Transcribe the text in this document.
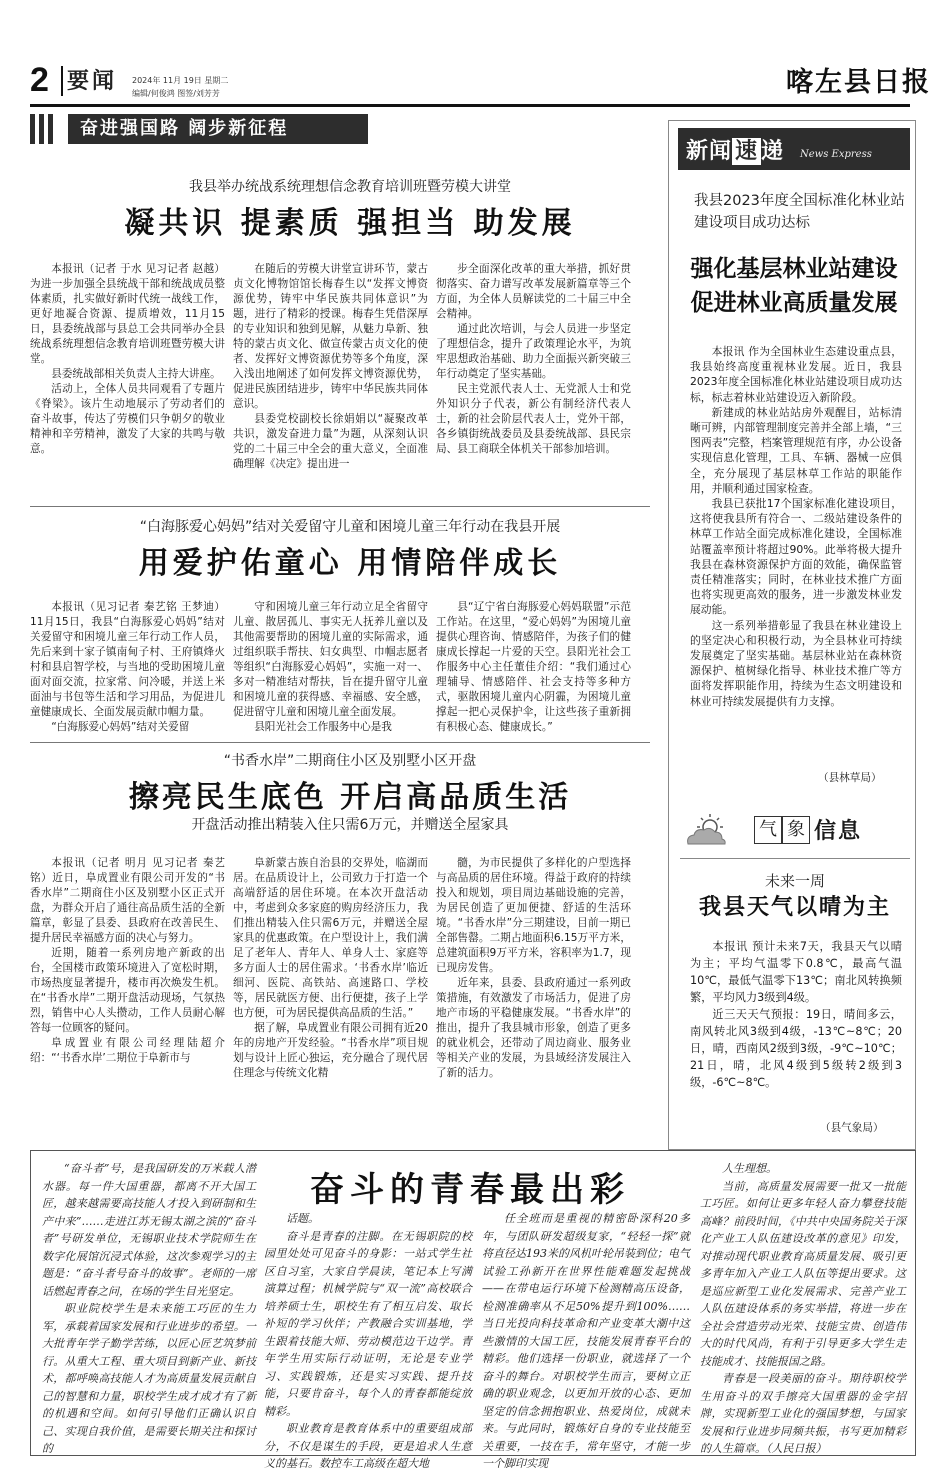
2 要闻 2024年 11月 19日 星期二
编辑/何俊鸿 图签/刘芳芳	喀左县日报
奋进强国路 阔步新征程
我县举办统战系统理想信念教育培训班暨劳模大讲堂
凝共识 提素质 强担当 助发展

本报讯（记者 于水 见习记者 赵越）为进一步加强全县统战干部和统战成员整体素质，扎实做好新时代统一战线工作，更好地凝合资源、提质增效，11月15日，县委统战部与县总工会共同举办全县统战系统理想信念教育培训班暨劳模大讲堂。

县委统战部相关负责人主持大讲座。

活动上，全体人员共同观看了专题片《脊梁》。该片生动地展示了劳动者们的奋斗故事，传达了劳模们只争朝夕的敬业精神和辛劳精神，激发了大家的共鸣与敬意。

在随后的劳模大讲堂宣讲环节，蒙古贞文化博物馆馆长梅春生以“发挥文博资源优势，铸牢中华民族共同体意识”为题，进行了精彩的授课。梅春生凭借深厚的专业知识和独到见解，从魅力阜新、独特的蒙古贞文化、做宣传蒙古贞文化的使者、发挥好文博资源优势等多个角度，深入浅出地阐述了如何发挥文博资源优势，促进民族团结进步，铸牢中华民族共同体意识。

县委党校副校长徐娟娟以“凝聚改革共识，激发奋进力量”为题，从深刻认识党的二十届三中全会的重大意义，全面准确理解《决定》提出进一

步全面深化改革的重大举措，抓好贯彻落实、奋力谱写改革发展新篇章等三个方面，为全体人员解读党的二十届三中全会精神。

通过此次培训，与会人员进一步坚定了理想信念，提升了政策理论水平，为筑牢思想政治基础、助力全面振兴新突破三年行动奠定了坚实基础。

民主党派代表人士、无党派人士和党外知识分子代表，新公有制经济代表人士，新的社会阶层代表人士，党外干部，各乡镇街统战委员及县委统战部、县民宗局、县工商联全体机关干部参加培训。

“白海豚爱心妈妈”结对关爱留守儿童和困境儿童三年行动在我县开展
用爱护佑童心 用情陪伴成长

本报讯（见习记者 秦艺铭 王梦迪）11月15日，我县“白海豚爱心妈妈”结对关爱留守和困境儿童三年行动工作人员，先后来到十家子镇南甸子村、王府镇烽火村和县启智学校，与当地的受助困境儿童面对面交流，拉家常、问冷暖，并送上米面油与书包等生活和学习用品，为促进儿童健康成长、全面发展贡献巾帼力量。

“白海豚爱心妈妈”结对关爱留

守和困境儿童三年行动立足全省留守儿童、散居孤儿、事实无人抚养儿童以及其他需要帮助的困境儿童的实际需求，通过组织联手帮扶、妇女典型、巾帼志愿者等组织“白海豚爱心妈妈”，实施一对一、多对一精准结对帮扶，旨在提升留守儿童和困境儿童的获得感、幸福感、安全感，促进留守儿童和困境儿童全面发展。

县阳光社会工作服务中心是我

县“辽宁省白海豚爱心妈妈联盟”示范工作站。在这里，“爱心妈妈”为困境儿童提供心理咨询、情感陪伴，为孩子们的健康成长撑起一片爱的天空。县阳光社会工作服务中心主任董佳介绍：“我们通过心理辅导、情感陪伴、社会支持等多种方式，驱散困境儿童内心阴霾，为困境儿童撑起一把心灵保护伞，让这些孩子重新拥有积极心态、健康成长。”

“书香水岸”二期商住小区及别墅小区开盘
擦亮民生底色 开启高品质生活
开盘活动推出精装入住只需6万元，并赠送全屋家具

本报讯（记者 明月 见习记者 秦艺铭）近日，阜成置业有限公司开发的“书香水岸”二期商住小区及别墅小区正式开盘，为群众开启了通往高品质生活的全新篇章，彰显了县委、县政府在改善民生、提升居民幸福感方面的决心与努力。

近期，随着一系列房地产新政的出台，全国楼市政策环境进入了宽松时期，市场热度显著提升，楼市再次焕发生机。在“书香水岸”二期开盘活动现场，气氛热烈，销售中心人头攒动，工作人员耐心解答每一位顾客的疑问。

阜成置业有限公司经理陆超介绍：“‘书香水岸’二期位于阜新市与

阜新蒙古族自治县的交界处，临湖而居。在品质设计上，公司致力于打造一个高端舒适的居住环境。在本次开盘活动中，考虑到众多家庭的购房经济压力，我们推出精装入住只需6万元，并赠送全屋家具的优惠政策。在户型设计上，我们满足了老年人、青年人、单身人士、家庭等多方面人士的居住需求。‘书香水岸’临近细河、医院、高铁站、高速路口、学校等，居民就医方便、出行便捷，孩子上学也方便，可为居民提供高品质的生活。”

据了解，阜成置业有限公司拥有近20年的房地产开发经验。“书香水岸”项目规划与设计上匠心独运，充分融合了现代居住理念与传统文化精

髓，为市民提供了多样化的户型选择与高品质的居住环境。得益于政府的持续投入和规划，项目周边基础设施的完善，为居民创造了更加便捷、舒适的生活环境。“书香水岸”分三期建设，目前一期已全部售罄。二期占地面积6.15万平方米，总建筑面积9万平方米，容积率为1.7，现已现房发售。

近年来，县委、县政府通过一系列政策措施，有效激发了市场活力，促进了房地产市场的平稳健康发展。“书香水岸”的推出，提升了我县城市形象，创造了更多的就业机会，还带动了周边商业、服务业等相关产业的发展，为县域经济发展注入了新的活力。

新闻 速 递 News Express
我县2023年度全国标准化林业站建设项目成功达标
强化基层林业站建设
促进林业高质量发展

本报讯 作为全国林业生态建设重点县，我县始终高度重视林业发展。近日，我县2023年度全国标准化林业站建设项目成功达标，标志着林业站建设迈入新阶段。

新建成的林业站站房外观醒目，站标清晰可辨，内部管理制度完善并全部上墙，“三图两表”完整，档案管理规范有序，办公设备实现信息化管理，工具、车辆、器械一应俱全，充分展现了基层林草工作站的职能作用，并顺利通过国家检查。

我县已获批17个国家标准化建设项目，这将使我县所有符合一、二级站建设条件的林草工作站全面完成标准化建设，全国标准站覆盖率预计将超过90%。此举将极大提升我县在森林资源保护方面的效能，确保监管责任精准落实；同时，在林业技术推广方面也将实现更高效的服务，进一步激发林业发展动能。

这一系列举措彰显了我县在林业建设上的坚定决心和积极行动，为全县林业可持续发展奠定了坚实基础。基层林业站在森林资源保护、植树绿化指导、林业技术推广等方面将发挥职能作用，持续为生态文明建设和林业可持续发展提供有力支撑。

（县林草局）
气 象 信息
未来一周
我县天气以晴为主

本报讯 预计未来7天，我县天气以晴为主；平均气温零下0.8℃，最高气温10℃，最低气温零下13℃；南北风转换频繁，平均风力3级到4级。

近三天天气预报：19日，晴间多云，南风转北风3级到4级，-13℃~8℃；20日，晴，西南风2级到3级，-9℃~10℃；21日，晴，北风4级到5级转2级到3级，-6℃~8℃。

（县气象局）
奋斗的青春最出彩

“奋斗者”号，是我国研发的万米载人潜水器。每一件大国重器，都离不开大国工匠，越来越需要高技能人才投入到研制和生产中来”……走进江苏无锡太湖之滨的“奋斗者”号研发单位，无锡职业技术学院师生在数字化展馆沉浸式体验，这次参观学习的主题是：“奋斗者号奋斗的故事”。老师的一席话燃起青春之问，在场的学生目光坚定。

职业院校学生是未来能工巧匠的生力军，承载着国家发展和行业进步的希望。一大批青年学子勤学苦练，以匠心匠艺筑梦前行。从重大工程、重大项目到新产业、新技术，都呼唤高技能人才为高质量发展贡献自己的智慧和力量，职校学生成才成才有了新的机遇和空间。如何引导他们正确认识自己、实现自我价值，是需要长期关注和探讨的

话题。

奋斗是青春的注脚。在无锡职院的校园里处处可见奋斗的身影：一站式学生社区自习室，大家自学晨读，笔记本上写满演算过程；机械学院与“双一流”高校联合培养硕士生，职校生有了相互启发、取长补短的学习伙伴；产教融合实训基地，学生跟着技能大师、劳动模范边干边学。青年学生用实际行动证明，无论是专业学习、实践锻炼，还是实习实践、提升技能，只要肯奋斗，每个人的青春都能绽放精彩。

职业教育是教育体系中的重要组成部分，不仅是谋生的手段，更是追求人生意义的基石。数控车工高级在超大地

任全班而是重视的精密卧深科20多年，与团队研发超级复家，“轻轻一探”就将直径达193米的风机叶轮吊装到位；电气试验工孙新开在世界性能难题发起挑战——在带电运行环境下检测精高压设备，检测准确率从不足50%提升到100%……当日光投向科技革命和产业变革大潮中这些激情的大国工匠，技能发展青春平台的精彩。他们选择一份职业，就选择了一个奋斗的舞台。对职校学生而言，要树立正确的职业观念，以更加开放的心态、更加坚定的信念拥抱职业、热爱岗位，成就未来。与此同时，锻炼好自身的专业技能至关重要，一技在手，常年坚守，才能一步一个脚印实现

人生理想。

当前，高质量发展需要一批又一批能工巧匠。如何让更多年轻人奋力攀登技能高峰？前段时间，《中共中央国务院关于深化产业工人队伍建设改革的意见》印发，对推动现代职业教育高质量发展、吸引更多青年加入产业工人队伍等提出要求。这是巡应新型工业化发展需求、完善产业工人队伍建设体系的务实举措，将进一步在全社会营造劳动光荣、技能宝贵、创造伟大的时代风尚，有利于引导更多大学生走技能成才、技能报国之路。

青春是一段美丽的奋斗。期待职校学生用奋斗的双手擦亮大国重器的金字招牌，实现新型工业化的强国梦想，与国家发展和行业进步同频共振，书写更加精彩的人生篇章。（人民日报）
